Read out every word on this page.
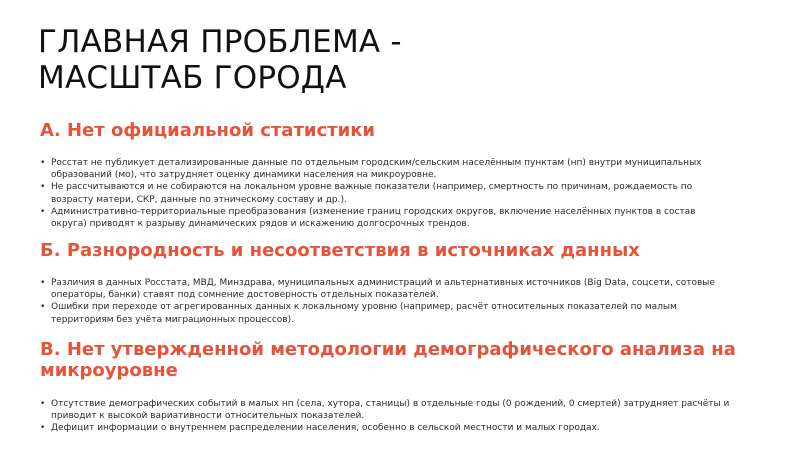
ГЛАВНАЯ ПРОБЛЕМА -
МАСШТАБ ГОРОДА
А. Нет официальной статистики
• Росстат не публикует детализированные данные по отдельным городским/сельским населённым пунктам (нп) внутри муниципальных образований (мо), что затрудняет оценку динамики населения на микроуровне.
• Не рассчитываются и не собираются на локальном уровне важные показатели (например, смертность по причинам, рождаемость по возрасту матери, СКР, данные по этническому составу и др.).
• Административно-территориальные преобразования (изменение границ городских округов, включение населённых пунктов в состав округа) приводят к разрыву динамических рядов и искажению долгосрочных трендов.
Б. Разнородность и несоответствия в источниках данных
• Различия в данных Росстата, МВД, Минздрава, муниципальных администраций и альтернативных источников (Big Data, соцсети, сотовые операторы, банки) ставят под сомнение достоверность отдельных показателей.
• Ошибки при переходе от агрегированных данных к локальному уровню (например, расчёт относительных показателей по малым территориям без учёта миграционных процессов).
В. Нет утвержденной методологии демографического анализа на
микроуровне
• Отсутствие демографических событий в малых нп (села, хутора, станицы) в отдельные годы (0 рождений, 0 смертей) затрудняет расчёты и приводит к высокой вариативности относительных показателей.
• Дефицит информации о внутреннем распределении населения, особенно в сельской местности и малых городах.
